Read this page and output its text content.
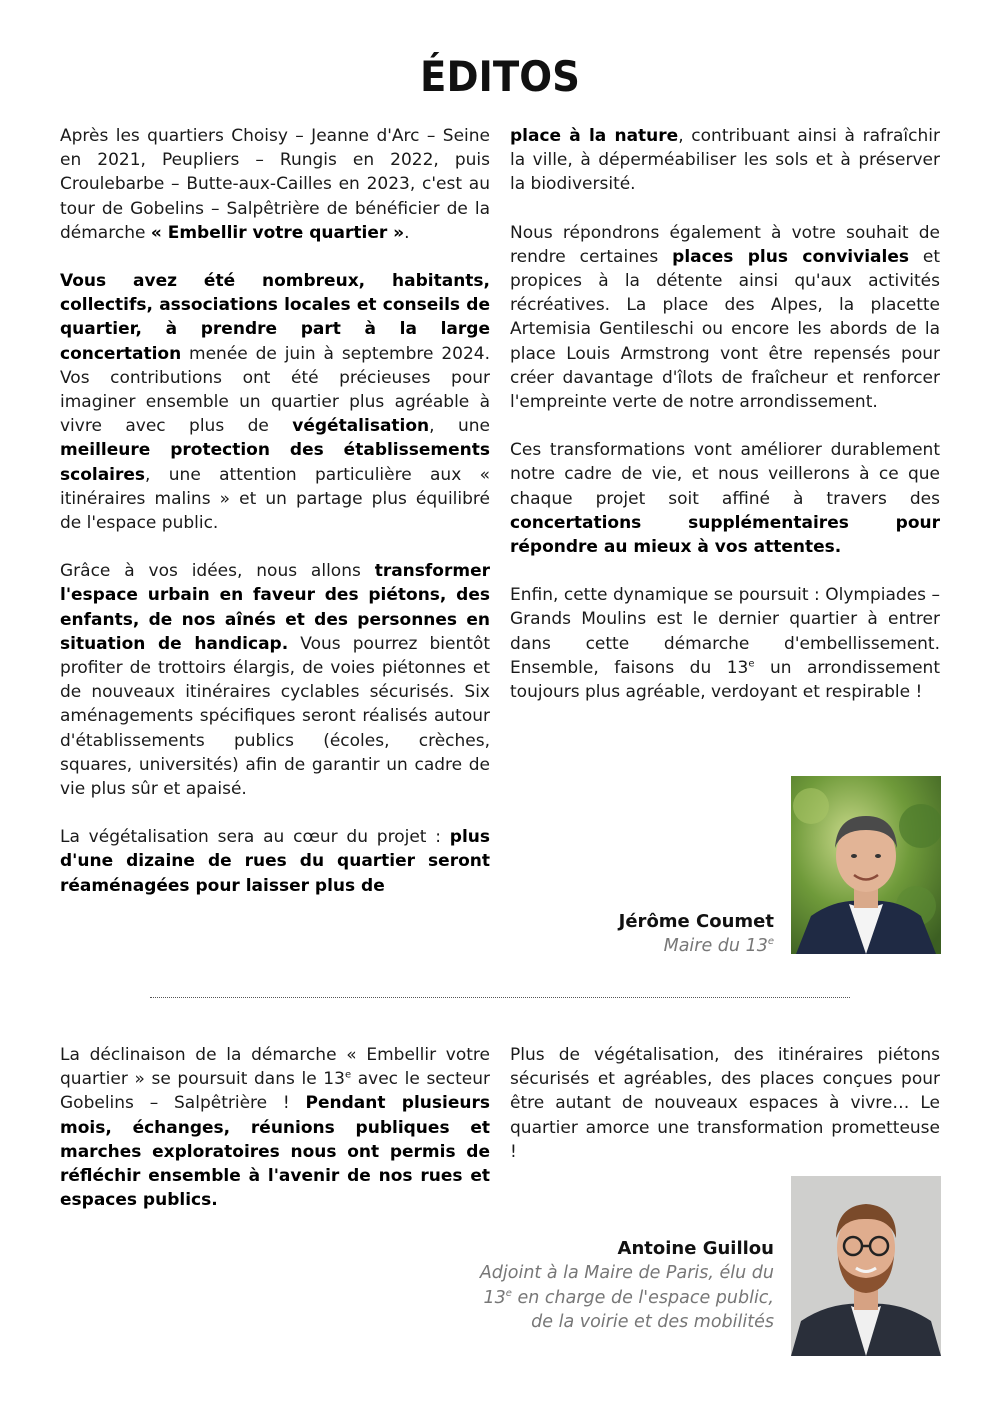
ÉDITOS

Après les quartiers Choisy – Jeanne d'Arc – Seine en 2021, Peupliers – Rungis en 2022, puis Croulebarbe – Butte-aux-Cailles en 2023, c'est au tour de Gobelins – Salpêtrière de bénéficier de la démarche « Embellir votre quartier ».

Vous avez été nombreux, habitants, collectifs, associations locales et conseils de quartier, à prendre part à la large concertation menée de juin à septembre 2024. Vos contributions ont été précieuses pour imaginer ensemble un quartier plus agréable à vivre avec plus de végétalisation, une meilleure protection des établissements scolaires, une attention particulière aux « itinéraires malins » et un partage plus équilibré de l'espace public.

Grâce à vos idées, nous allons transformer l'espace urbain en faveur des piétons, des enfants, de nos aînés et des personnes en situation de handicap. Vous pourrez bientôt profiter de trottoirs élargis, de voies piétonnes et de nouveaux itinéraires cyclables sécurisés. Six aménagements spécifiques seront réalisés autour d'établissements publics (écoles, crèches, squares, universités) afin de garantir un cadre de vie plus sûr et apaisé.

La végétalisation sera au cœur du projet : plus d'une dizaine de rues du quartier seront réaménagées pour laisser plus de

place à la nature, contribuant ainsi à rafraîchir la ville, à déperméabiliser les sols et à préserver la biodiversité.

Nous répondrons également à votre souhait de rendre certaines places plus conviviales et propices à la détente ainsi qu'aux activités récréatives. La place des Alpes, la placette Artemisia Gentileschi ou encore les abords de la place Louis Armstrong vont être repensés pour créer davantage d'îlots de fraîcheur et renforcer l'empreinte verte de notre arrondissement.

Ces transformations vont améliorer durablement notre cadre de vie, et nous veillerons à ce que chaque projet soit affiné à travers des concertations supplémentaires pour répondre au mieux à vos attentes.

Enfin, cette dynamique se poursuit : Olympiades – Grands Moulins est le dernier quartier à entrer dans cette démarche d'embellissement. Ensemble, faisons du 13e un arrondissement toujours plus agréable, verdoyant et respirable !

Jérôme Coumet
Maire du 13e

La déclinaison de la démarche « Embellir votre quartier » se poursuit dans le 13e avec le secteur Gobelins – Salpêtrière ! Pendant plusieurs mois, échanges, réunions publiques et marches exploratoires nous ont permis de réfléchir ensemble à l'avenir de nos rues et espaces publics.

Plus de végétalisation, des itinéraires piétons sécurisés et agréables, des places conçues pour être autant de nouveaux espaces à vivre… Le quartier amorce une transformation prometteuse !

Antoine Guillou
Adjoint à la Maire de Paris, élu du 13e en charge de l'espace public, de la voirie et des mobilités
